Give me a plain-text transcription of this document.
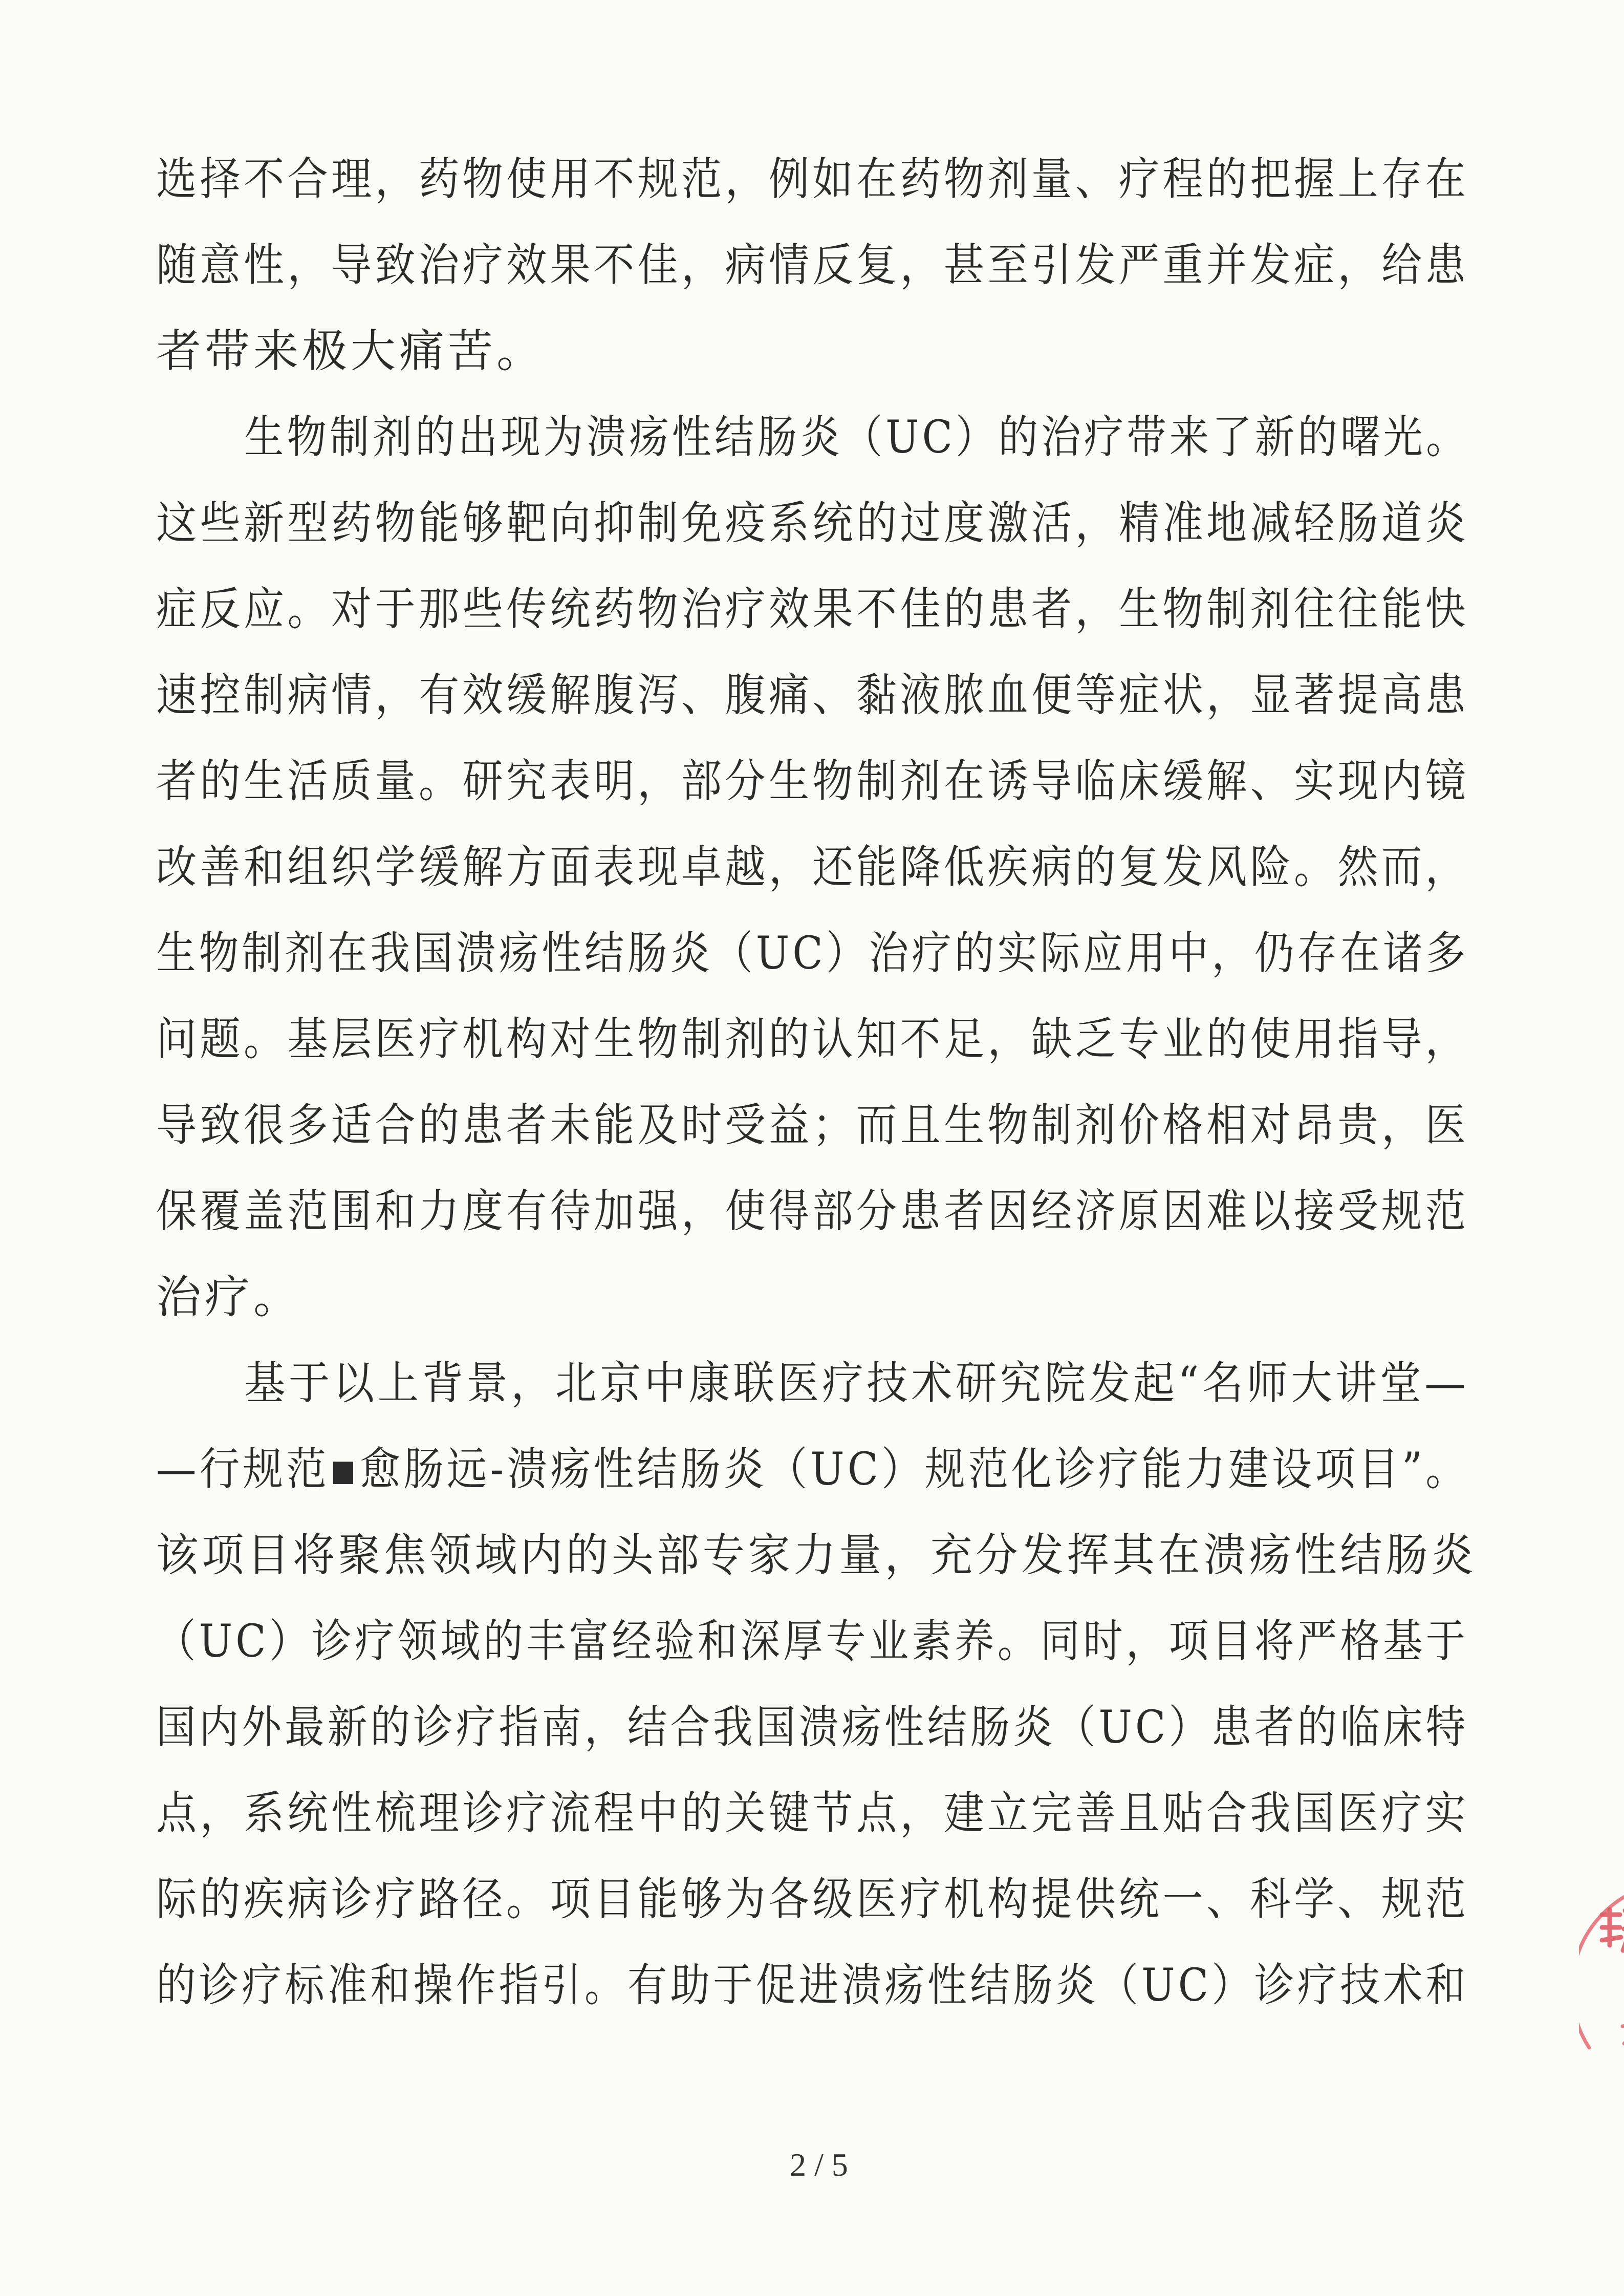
选择不合理，药物使用不规范，例如在药物剂量、疗程的把握上存在
随意性，导致治疗效果不佳，病情反复，甚至引发严重并发症，给患
者带来极大痛苦。
生物制剂的出现为溃疡性结肠炎（UC）的治疗带来了新的曙光。
这些新型药物能够靶向抑制免疫系统的过度激活，精准地减轻肠道炎
症反应。对于那些传统药物治疗效果不佳的患者，生物制剂往往能快
速控制病情，有效缓解腹泻、腹痛、黏液脓血便等症状，显著提高患
者的生活质量。研究表明，部分生物制剂在诱导临床缓解、实现内镜
改善和组织学缓解方面表现卓越，还能降低疾病的复发风险。然而，
生物制剂在我国溃疡性结肠炎（UC）治疗的实际应用中，仍存在诸多
问题。基层医疗机构对生物制剂的认知不足，缺乏专业的使用指导，
导致很多适合的患者未能及时受益；而且生物制剂价格相对昂贵，医
保覆盖范围和力度有待加强，使得部分患者因经济原因难以接受规范
治疗。
基于以上背景，北京中康联医疗技术研究院发起“名师大讲堂—
—行规范▪愈肠远-溃疡性结肠炎（UC）规范化诊疗能力建设项目”。
该项目将聚焦领域内的头部专家力量，充分发挥其在溃疡性结肠炎
（UC）诊疗领域的丰富经验和深厚专业素养。同时，项目将严格基于
国内外最新的诊疗指南，结合我国溃疡性结肠炎（UC）患者的临床特
点，系统性梳理诊疗流程中的关键节点，建立完善且贴合我国医疗实
际的疾病诊疗路径。项目能够为各级医疗机构提供统一、科学、规范
的诊疗标准和操作指引。有助于促进溃疡性结肠炎（UC）诊疗技术和
2 / 5
